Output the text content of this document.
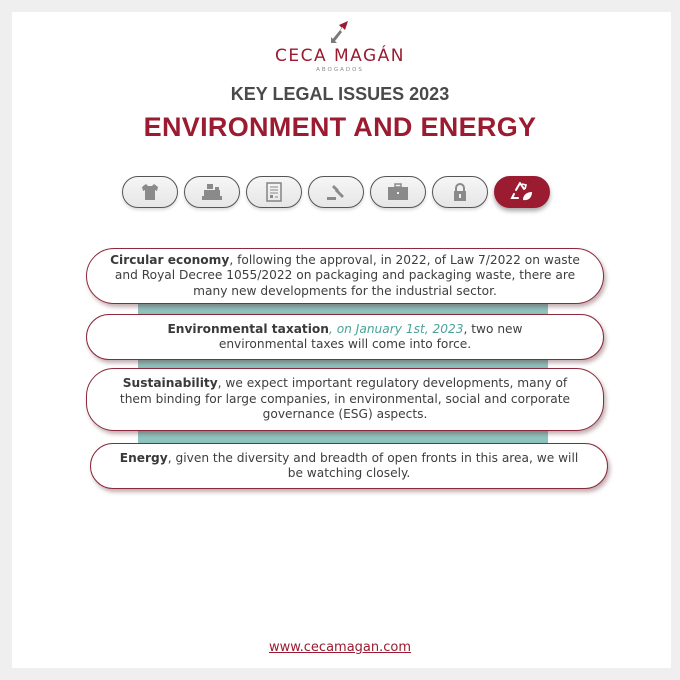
CECA MAGÁN
ABOGADOS
KEY LEGAL ISSUES 2023
ENVIRONMENT AND ENERGY
Circular economy, following the approval, in 2022, of Law 7/2022 on waste and Royal Decree 1055/2022 on packaging and packaging waste, there are many new developments for the industrial sector.
Environmental taxation, on January 1st, 2023, two new environmental taxes will come into force.
Sustainability, we expect important regulatory developments, many of them binding for large companies, in environmental, social and corporate governance (ESG) aspects.
Energy, given the diversity and breadth of open fronts in this area, we will be watching closely.
www.cecamagan.com
